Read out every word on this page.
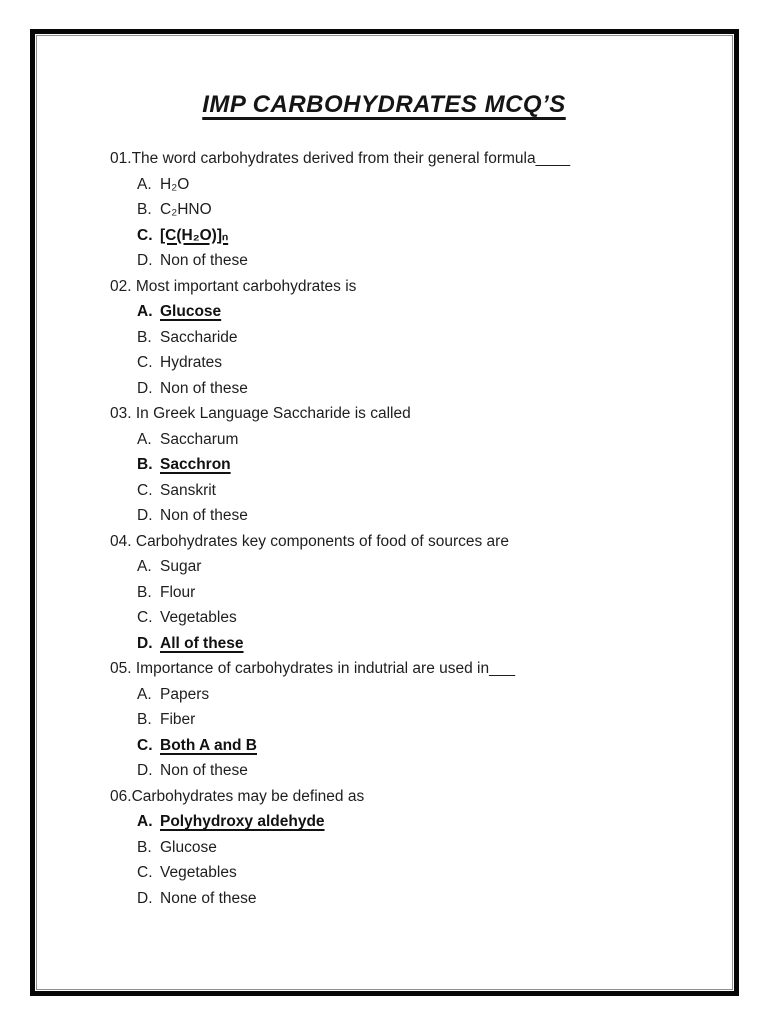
IMP CARBOHYDRATES MCQ’S
01.The word carbohydrates derived from their general formula____
A. H₂O
B. C₂HNO
C. [C(H₂O)]ₙ
D. Non of these
02. Most important carbohydrates is
A. Glucose
B. Saccharide
C. Hydrates
D. Non of these
03. In Greek Language Saccharide is called
A. Saccharum
B. Sacchron
C. Sanskrit
D. Non of these
04. Carbohydrates key components of food of sources are
A. Sugar
B. Flour
C. Vegetables
D. All of these
05. Importance of carbohydrates in indutrial are used in___
A. Papers
B. Fiber
C. Both A and B
D. Non of these
06.Carbohydrates may be defined as
A. Polyhydroxy aldehyde
B. Glucose
C. Vegetables
D. None of these
